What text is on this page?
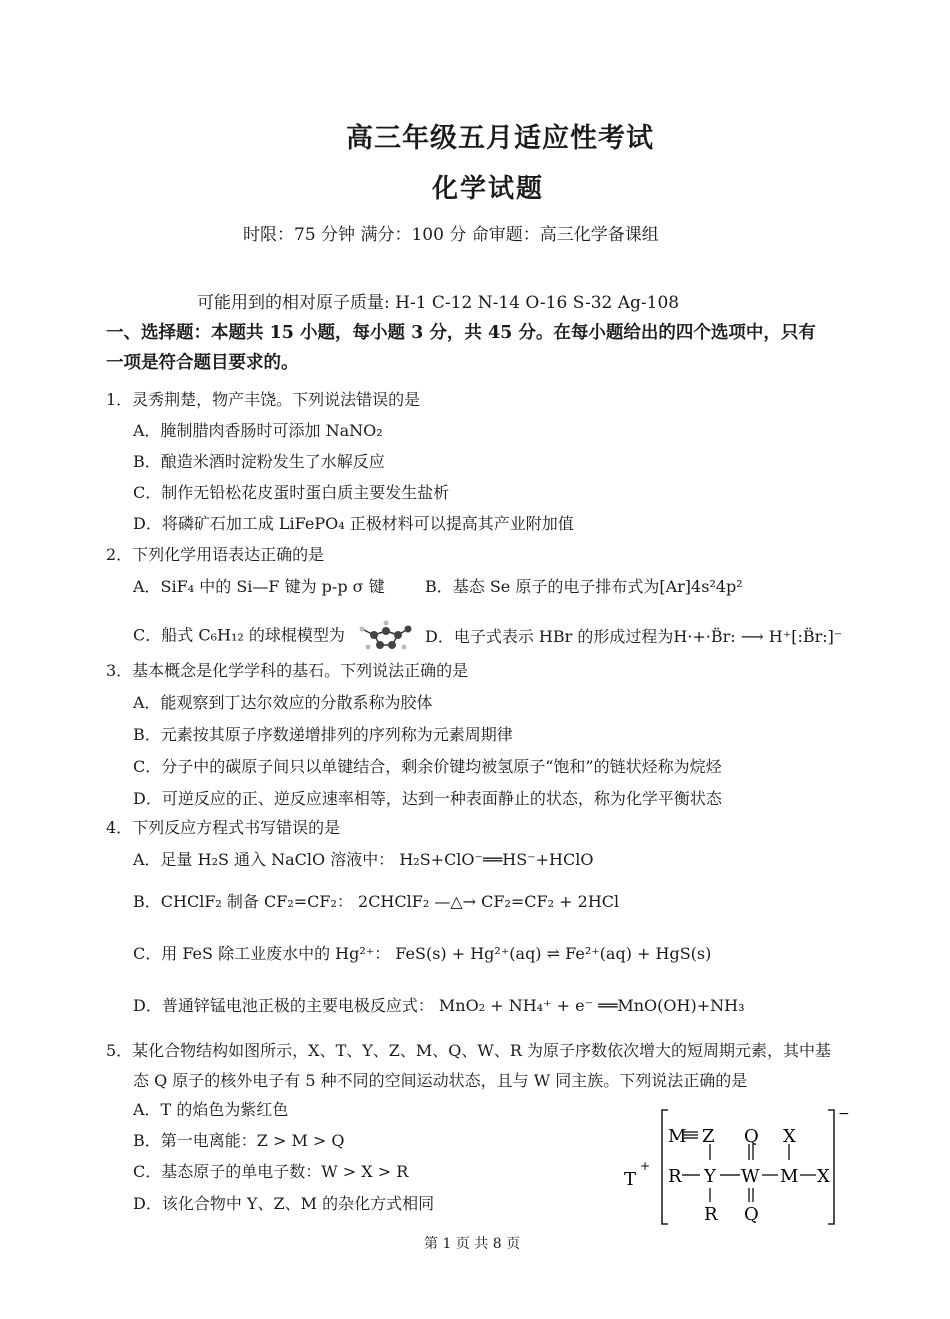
高三年级五月适应性考试
化学试题
时限：75 分钟 满分：100 分 命审题：高三化学备课组
可能用到的相对原子质量: H-1 C-12 N-14 O-16 S-32 Ag-108
一、选择题：本题共 15 小题，每小题 3 分，共 45 分。在每小题给出的四个选项中，只有
一项是符合题目要求的。
1．灵秀荆楚，物产丰饶。下列说法错误的是
A．腌制腊肉香肠时可添加 NaNO₂
B．酿造米酒时淀粉发生了水解反应
C．制作无铅松花皮蛋时蛋白质主要发生盐析
D．将磷矿石加工成 LiFePO₄ 正极材料可以提高其产业附加值
2．下列化学用语表达正确的是
A．SiF₄ 中的 Si—F 键为 p-p σ 键	B．基态 Se 原子的电子排布式为[Ar]4s²4p²
C．船式 C₆H₁₂ 的球棍模型为	D．电子式表示 HBr 的形成过程为H·+·B̈r: ⟶ H⁺[:B̈r:]⁻
3．基本概念是化学学科的基石。下列说法正确的是
A．能观察到丁达尔效应的分散系称为胶体
B．元素按其原子序数递增排列的序列称为元素周期律
C．分子中的碳原子间只以单键结合，剩余价键均被氢原子“饱和”的链状烃称为烷烃
D．可逆反应的正、逆反应速率相等，达到一种表面静止的状态，称为化学平衡状态
4．下列反应方程式书写错误的是
A．足量 H₂S 通入 NaClO 溶液中： H₂S+ClO⁻══HS⁻+HClO
B．CHClF₂ 制备 CF₂=CF₂： 2CHClF₂ —△→ CF₂=CF₂ + 2HCl
C．用 FeS 除工业废水中的 Hg²⁺： FeS(s) + Hg²⁺(aq) ⇌ Fe²⁺(aq) + HgS(s)
D．普通锌锰电池正极的主要电极反应式： MnO₂ + NH₄⁺ + e⁻ ══MnO(OH)+NH₃
5．某化合物结构如图所示，X、T、Y、Z、M、Q、W、R 为原子序数依次增大的短周期元素，其中基
态 Q 原子的核外电子有 5 种不同的空间运动状态，且与 W 同主族。下列说法正确的是
A．T 的焰色为紫红色
B．第一电离能：Z > M > Q
C．基态原子的单电子数：W > X > R
D．该化合物中 Y、Z、M 的杂化方式相同
T
+
−
M Z Q X
R Y W M X
R Q
第 1 页 共 8 页
